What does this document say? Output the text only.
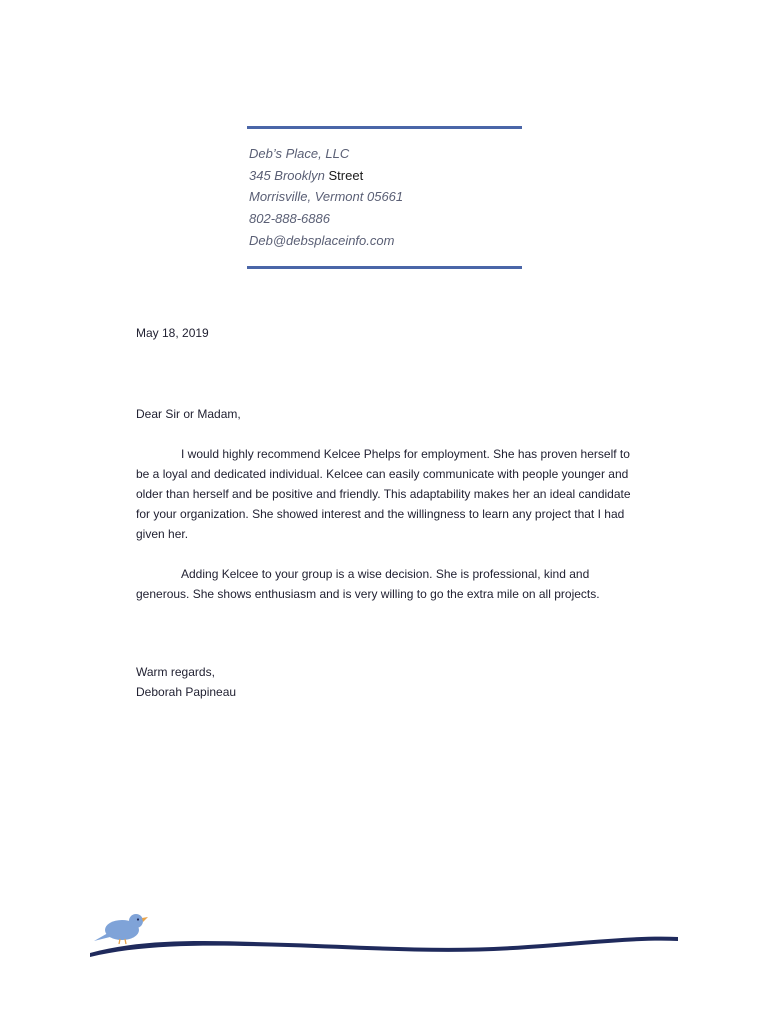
Deb’s Place, LLC
345 Brooklyn Street
Morrisville, Vermont 05661
802-888-6886
Deb@debsplaceinfo.com
May 18, 2019
Dear Sir or Madam,
I would highly recommend Kelcee Phelps for employment. She has proven herself to be a loyal and dedicated individual. Kelcee can easily communicate with people younger and older than herself and be positive and friendly. This adaptability makes her an ideal candidate for your organization. She showed interest and the willingness to learn any project that I had given her.
Adding Kelcee to your group is a wise decision. She is professional, kind and generous. She shows enthusiasm and is very willing to go the extra mile on all projects.
Warm regards,
Deborah Papineau
